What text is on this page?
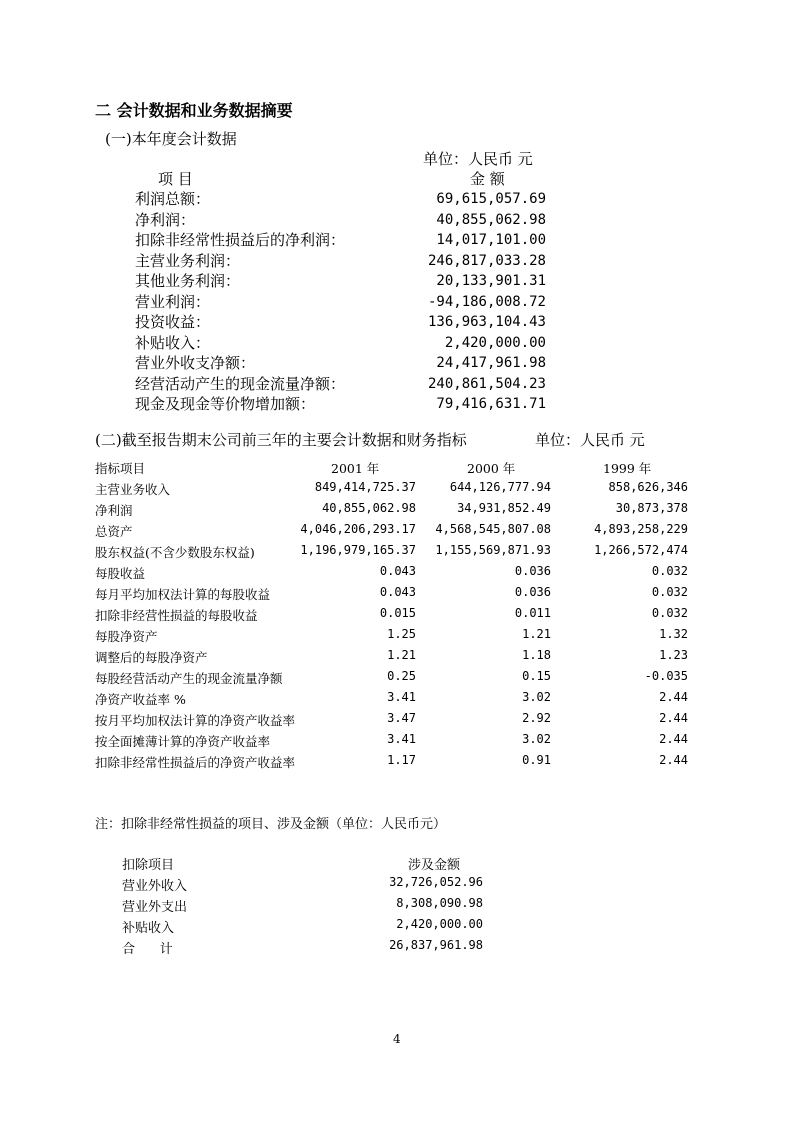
二 会计数据和业务数据摘要
(一)本年度会计数据
单位：人民币 元
项 目	金 额
利润总额：	69,615,057.69
净利润：	40,855,062.98
扣除非经常性损益后的净利润：	14,017,101.00
主营业务利润：	246,817,033.28
其他业务利润：	20,133,901.31
营业利润：	-94,186,008.72
投资收益：	136,963,104.43
补贴收入：	2,420,000.00
营业外收支净额：	24,417,961.98
经营活动产生的现金流量净额：	240,861,504.23
现金及现金等价物增加额：	79,416,631.71
(二)截至报告期末公司前三年的主要会计数据和财务指标	单位：人民币 元
指标项目	2001 年	2000 年	1999 年
主营业务收入	849,414,725.37	644,126,777.94	858,626,346
净利润	40,855,062.98	34,931,852.49	30,873,378
总资产	4,046,206,293.17 4,568,545,807.08	4,893,258,229
股东权益(不含少数股东权益)	1,196,979,165.37 1,155,569,871.93	1,266,572,474
每股收益	0.043	0.036	0.032
每月平均加权法计算的每股收益	0.043	0.036	0.032
扣除非经营性损益的每股收益	0.015	0.011	0.032
每股净资产	1.25	1.21	1.32
调整后的每股净资产	1.21	1.18	1.23
每股经营活动产生的现金流量净额	0.25	0.15	-0.035
净资产收益率 %	3.41	3.02	2.44
按月平均加权法计算的净资产收益率	3.47	2.92	2.44
按全面摊薄计算的净资产收益率	3.41	3.02	2.44
扣除非经常性损益后的净资产收益率	1.17	0.91	2.44
注：扣除非经常性损益的项目、涉及金额（单位：人民币元）
扣除项目	涉及金额
营业外收入	32,726,052.96
营业外支出	8,308,090.98
补贴收入	2,420,000.00
合      计	26,837,961.98
4
